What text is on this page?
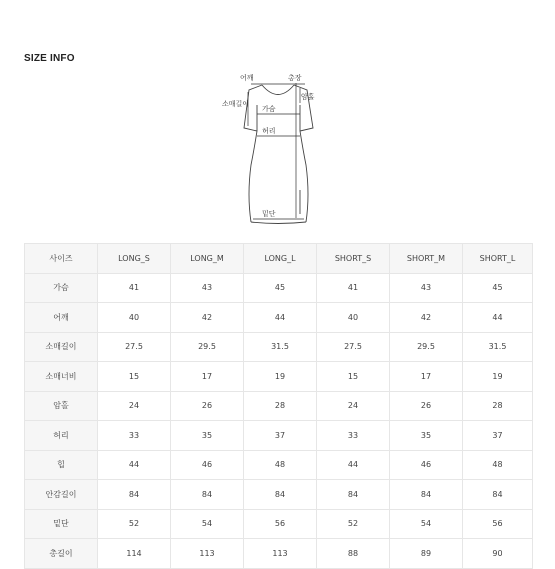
SIZE INFO
어깨	총장
암홀
소매길이
가슴
허리
밑단
사이즈	LONG_S	LONG_M	LONG_L	SHORT_S	SHORT_M	SHORT_L
가슴	41	43	45	41	43	45
어깨	40	42	44	40	42	44
소매길이	27.5	29.5	31.5	27.5	29.5	31.5
소매너비	15	17	19	15	17	19
암홀	24	26	28	24	26	28
허리	33	35	37	33	35	37
힙	44	46	48	44	46	48
안감길이	84	84	84	84	84	84
밑단	52	54	56	52	54	56
총길이	114	113	113	88	89	90
